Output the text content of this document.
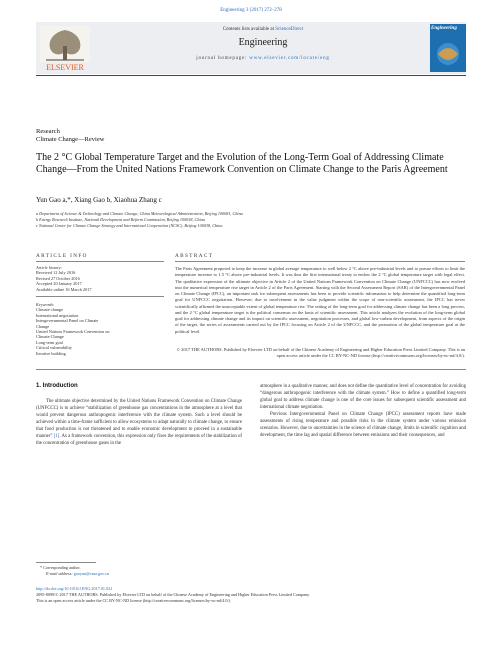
Engineering 3 (2017) 272–278
ELSEVIER
Contents lists available at ScienceDirect
Engineering
journal homepage: www.elsevier.com/locate/eng
Engineering
Research
Climate Change—Review
The 2 °C Global Temperature Target and the Evolution of the Long-Term Goal of Addressing Climate Change—From the United Nations Framework Convention on Climate Change to the Paris Agreement
Yun Gao a,*, Xiang Gao b, Xiaohua Zhang c
a Department of Science & Technology and Climate Change, China Meteorological Administration, Beijing 100081, China
b Energy Research Institute, National Development and Reform Commission, Beijing 100038, China
c National Center for Climate Change Strategy and International Cooperation (NCSC), Beijing 100038, China
ARTICLE INFO	ABSTRACT
Article history:
Received 12 July 2016
Revised 27 October 2016
Accepted 20 January 2017
Available online 16 March 2017
Keywords:
Climate change
International negotiation
Intergovernmental Panel on Climate
Change
United Nations Framework Convention on
Climate Change
Long-term goal
Critical vulnerability
Iterative building
The Paris Agreement proposed to keep the increase in global average temperature to well below 2 °C above pre-industrial levels and to pursue efforts to limit the temperature increase to 1.5 °C above pre-industrial levels. It was thus the first international treaty to endow the 2 °C global temperature target with legal effect. The qualitative expression of the ultimate objective in Article 2 of the United Nations Framework Convention on Climate Change (UNFCCC) has now evolved into the numerical temperature rise target in Article 2 of the Paris Agreement. Starting with the Second Assessment Report (SAR) of the Intergovernmental Panel on Climate Change (IPCC), an important task for subsequent assessments has been to provide scientific information to help determine the quantified long-term goal for UNFCCC negotiation. However, due to involvement in the value judgment within the scope of non-scientific assessment, the IPCC has never scientifically affirmed the unacceptable extent of global temperature rise. The setting of the long-term goal for addressing climate change has been a long process, and the 2 °C global temperature target is the political consensus on the basis of scientific assessment. This article analyzes the evolution of the long-term global goal for addressing climate change and its impact on scientific assessment, negotiation processes, and global low-carbon development, from aspects of the origin of the target, the series of assessments carried out by the IPCC focusing on Article 2 of the UNFCCC, and the promotion of the global temperature goal at the political level.
© 2017 THE AUTHORS. Published by Elsevier LTD on behalf of the Chinese Academy of Engineering and Higher Education Press Limited Company. This is an open access article under the CC BY-NC-ND license (http://creativecommons.org/licenses/by-nc-nd/4.0/).
1. Introduction

The ultimate objective determined by the United Nations Framework Convention on Climate Change (UNFCCC) is to achieve “stabilization of greenhouse gas concentrations in the atmosphere at a level that would prevent dangerous anthropogenic interference with the climate system. Such a level should be achieved within a time-frame sufficient to allow ecosystems to adapt naturally to climate change, to ensure that food production is not threatened and to enable economic development to proceed in a sustainable manner” [1]. As a framework convention, this expression only fixes the requirements of the stabilization of the concentration of greenhouse gases in the

atmosphere in a qualitative manner, and does not define the quantitative level of concentration for avoiding “dangerous anthropogenic interference with the climate system.” How to define a quantified long-term global goal to address climate change is one of the core issues for subsequent scientific assessment and international climate negotiation.

Previous Intergovernmental Panel on Climate Change (IPCC) assessment reports have made assessments of rising temperature and possible risks in the climate system under various emission scenarios. However, due to uncertainties in the science of climate change, limits in scientific cognition and development, the time lag and spatial difference between emissions and their consequences, and

* Corresponding author.
E-mail address: gaoyun@cma.gov.cn
http://dx.doi.org/10.1016/J.ENG.2017.01.022
2095-8099/© 2017 THE AUTHORS. Published by Elsevier LTD on behalf of the Chinese Academy of Engineering and Higher Education Press Limited Company.
This is an open access article under the CC BY-NC-ND license (http://creativecommons.org/licenses/by-nc-nd/4.0/).
